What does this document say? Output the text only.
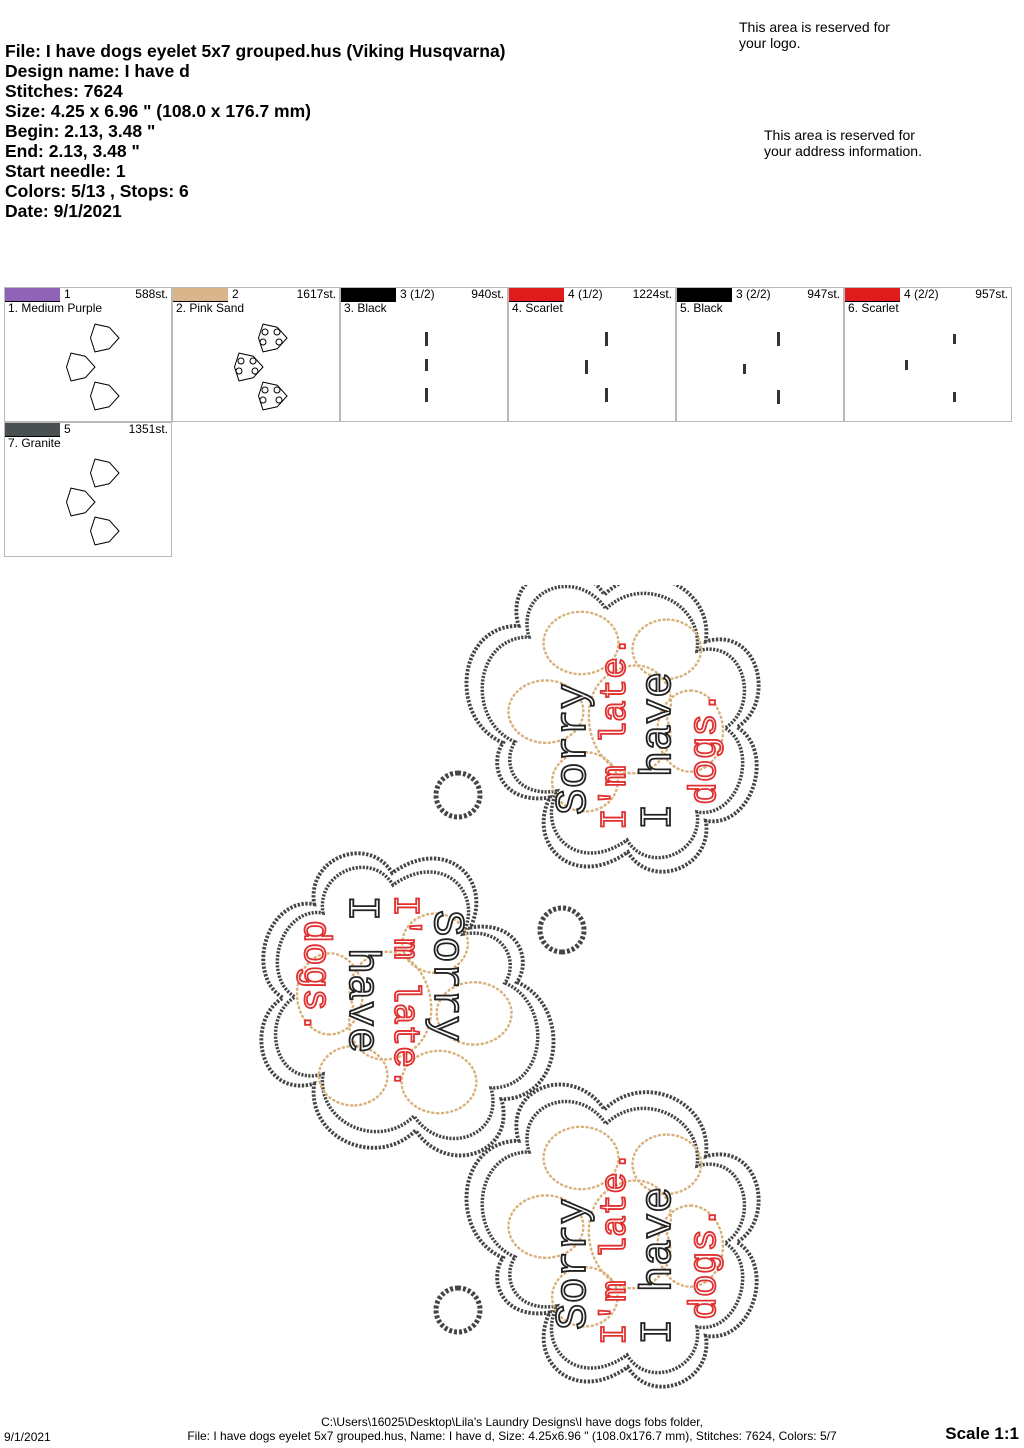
File: I have dogs eyelet 5x7 grouped.hus (Viking Husqvarna)
Design name: I have d
Stitches: 7624
Size: 4.25 x 6.96 " (108.0 x 176.7 mm)
Begin: 2.13, 3.48 "
End: 2.13, 3.48 "
Start needle: 1
Colors: 5/13 , Stops: 6
Date: 9/1/2021
This area is reserved for
your logo.
This area is reserved for
your address information.
1	588st.
1. Medium Purple
2	1617st.
2. Pink Sand
3 (1/2)	940st.
3. Black
4 (1/2) 1224st.
4. Scarlet
3 (2/2)	947st.
5. Black
4 (2/2)	957st.
6. Scarlet
5	1351st.
7. Granite
Sorry
I'm late.
I have dogs.
Sorry
I'm late.
I have
dogs.
Sorry
I'm late.
I have dogs.
C:\Users\16025\Desktop\Lila's Laundry Designs\I have dogs fobs folder,
File: I have dogs eyelet 5x7 grouped.hus, Name: I have d, Size: 4.25x6.96 " (108.0x176.7 mm), Stitches: 7624, Colors: 5/7
9/1/2021	Scale 1:1
